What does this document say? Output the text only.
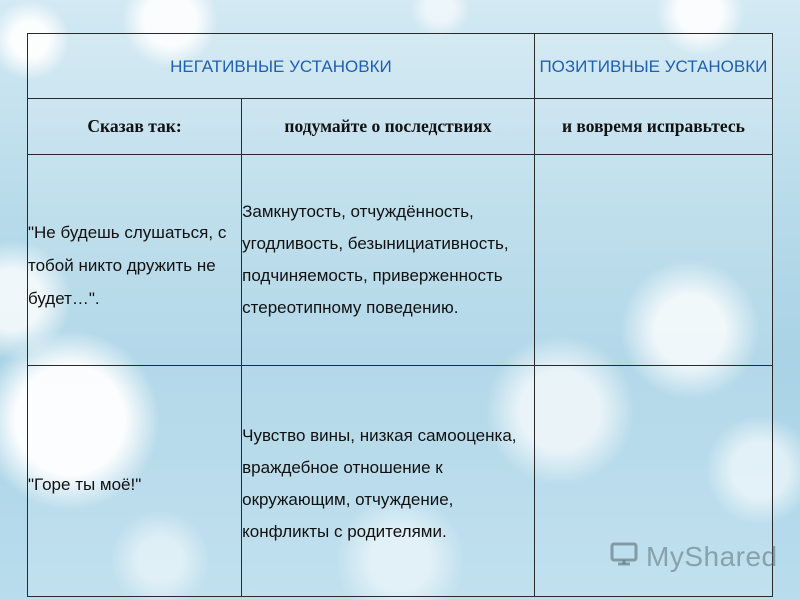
НЕГАТИВНЫЕ УСТАНОВКИ		ПОЗИТИВНЫЕ УСТАНОВКИ
Сказав так:	подумайте о последствиях	и вовремя исправьтесь
"Не будешь слушаться, с тобой никто дружить не будет…".	Замкнутость, отчуждённость, угодливость, безынициативность, подчиняемость, приверженность стереотипному поведению.	
"Горе ты моё!"	Чувство вины, низкая самооценка, враждебное отношение к окружающим, отчуждение, конфликты с родителями.	
MyShared
